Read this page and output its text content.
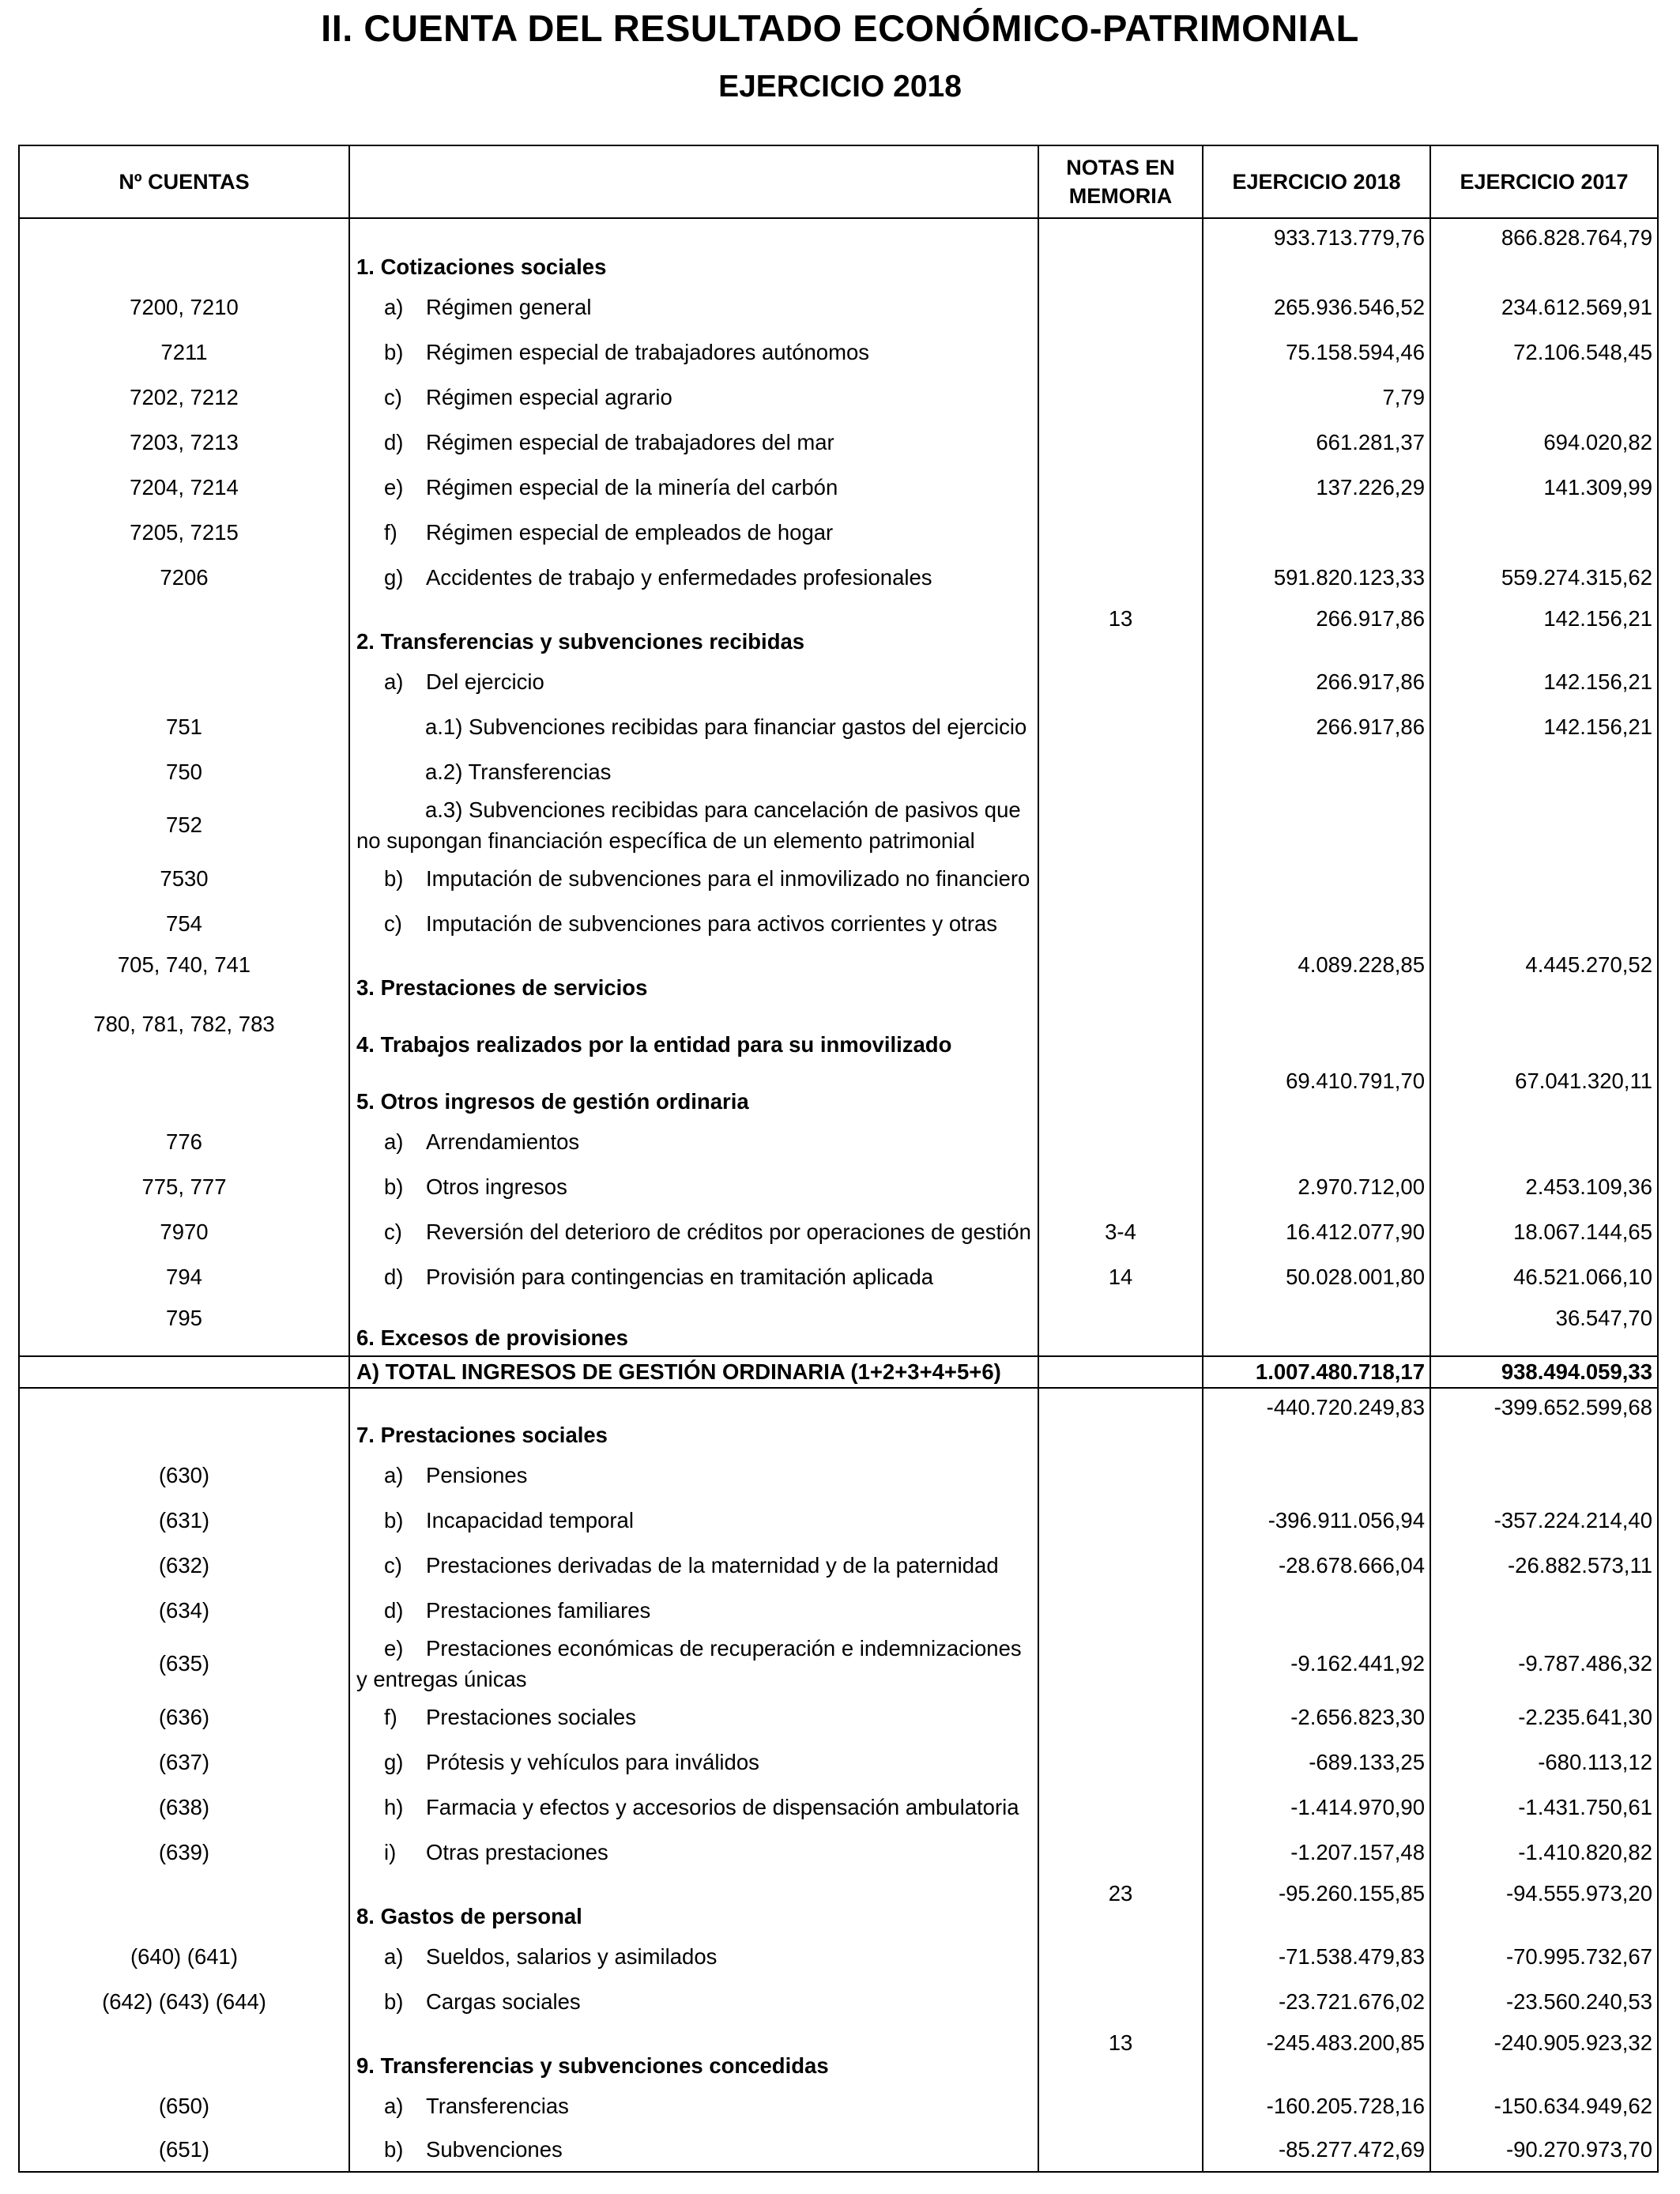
II. CUENTA DEL RESULTADO ECONÓMICO-PATRIMONIAL
EJERCICIO 2018
Nº CUENTAS		NOTAS EN MEMORIA	EJERCICIO 2018	EJERCICIO 2017
	1. Cotizaciones sociales		933.713.779,76	866.828.764,79
7200, 7210	a) Régimen general		265.936.546,52	234.612.569,91
7211	b) Régimen especial de trabajadores autónomos		75.158.594,46	72.106.548,45
7202, 7212	c) Régimen especial agrario		7,79	
7203, 7213	d) Régimen especial de trabajadores del mar		661.281,37	694.020,82
7204, 7214	e) Régimen especial de la minería del carbón		137.226,29	141.309,99
7205, 7215	f) Régimen especial de empleados de hogar			
7206	g) Accidentes de trabajo y enfermedades profesionales		591.820.123,33	559.274.315,62
	2. Transferencias y subvenciones recibidas	13	266.917,86	142.156,21
	a) Del ejercicio		266.917,86	142.156,21
751	a.1) Subvenciones recibidas para financiar gastos del ejercicio		266.917,86	142.156,21
750	a.2) Transferencias			
752	a.3) Subvenciones recibidas para cancelación de pasivos que
no supongan financiación específica de un elemento patrimonial			

7530	b) Imputación de subvenciones para el inmovilizado no financiero			
754	c) Imputación de subvenciones para activos corrientes y otras			
705, 740, 741	3. Prestaciones de servicios		4.089.228,85	4.445.270,52
780, 781, 782, 783	4. Trabajos realizados por la entidad para su inmovilizado			
	5. Otros ingresos de gestión ordinaria		69.410.791,70	67.041.320,11
776	a) Arrendamientos			
775, 777	b) Otros ingresos		2.970.712,00	2.453.109,36
7970	c) Reversión del deterioro de créditos por operaciones de gestión	3-4	16.412.077,90	18.067.144,65
794	d) Provisión para contingencias en tramitación aplicada	14	50.028.001,80	46.521.066,10
795	6. Excesos de provisiones			36.547,70
	A) TOTAL INGRESOS DE GESTIÓN ORDINARIA (1+2+3+4+5+6)		1.007.480.718,17	938.494.059,33
	7. Prestaciones sociales		-440.720.249,83	-399.652.599,68
(630)	a) Pensiones			
(631)	b) Incapacidad temporal		-396.911.056,94	-357.224.214,40
(632)	c) Prestaciones derivadas de la maternidad y de la paternidad		-28.678.666,04	-26.882.573,11
(634)	d) Prestaciones familiares			
(635)	e) Prestaciones económicas de recuperación e indemnizaciones
y entregas únicas		-9.162.441,92	-9.787.486,32
(636)	f) Prestaciones sociales		-2.656.823,30	-2.235.641,30
(637)	g) Prótesis y vehículos para inválidos		-689.133,25	-680.113,12
(638)	h) Farmacia y efectos y accesorios de dispensación ambulatoria		-1.414.970,90	-1.431.750,61
(639)	i) Otras prestaciones		-1.207.157,48	-1.410.820,82
	8. Gastos de personal	23	-95.260.155,85	-94.555.973,20
(640) (641)	a) Sueldos, salarios y asimilados		-71.538.479,83	-70.995.732,67
(642) (643) (644)	b) Cargas sociales		-23.721.676,02	-23.560.240,53
	9. Transferencias y subvenciones concedidas	13	-245.483.200,85	-240.905.923,32
(650)	a) Transferencias		-160.205.728,16	-150.634.949,62
(651)	b) Subvenciones		-85.277.472,69	-90.270.973,70
